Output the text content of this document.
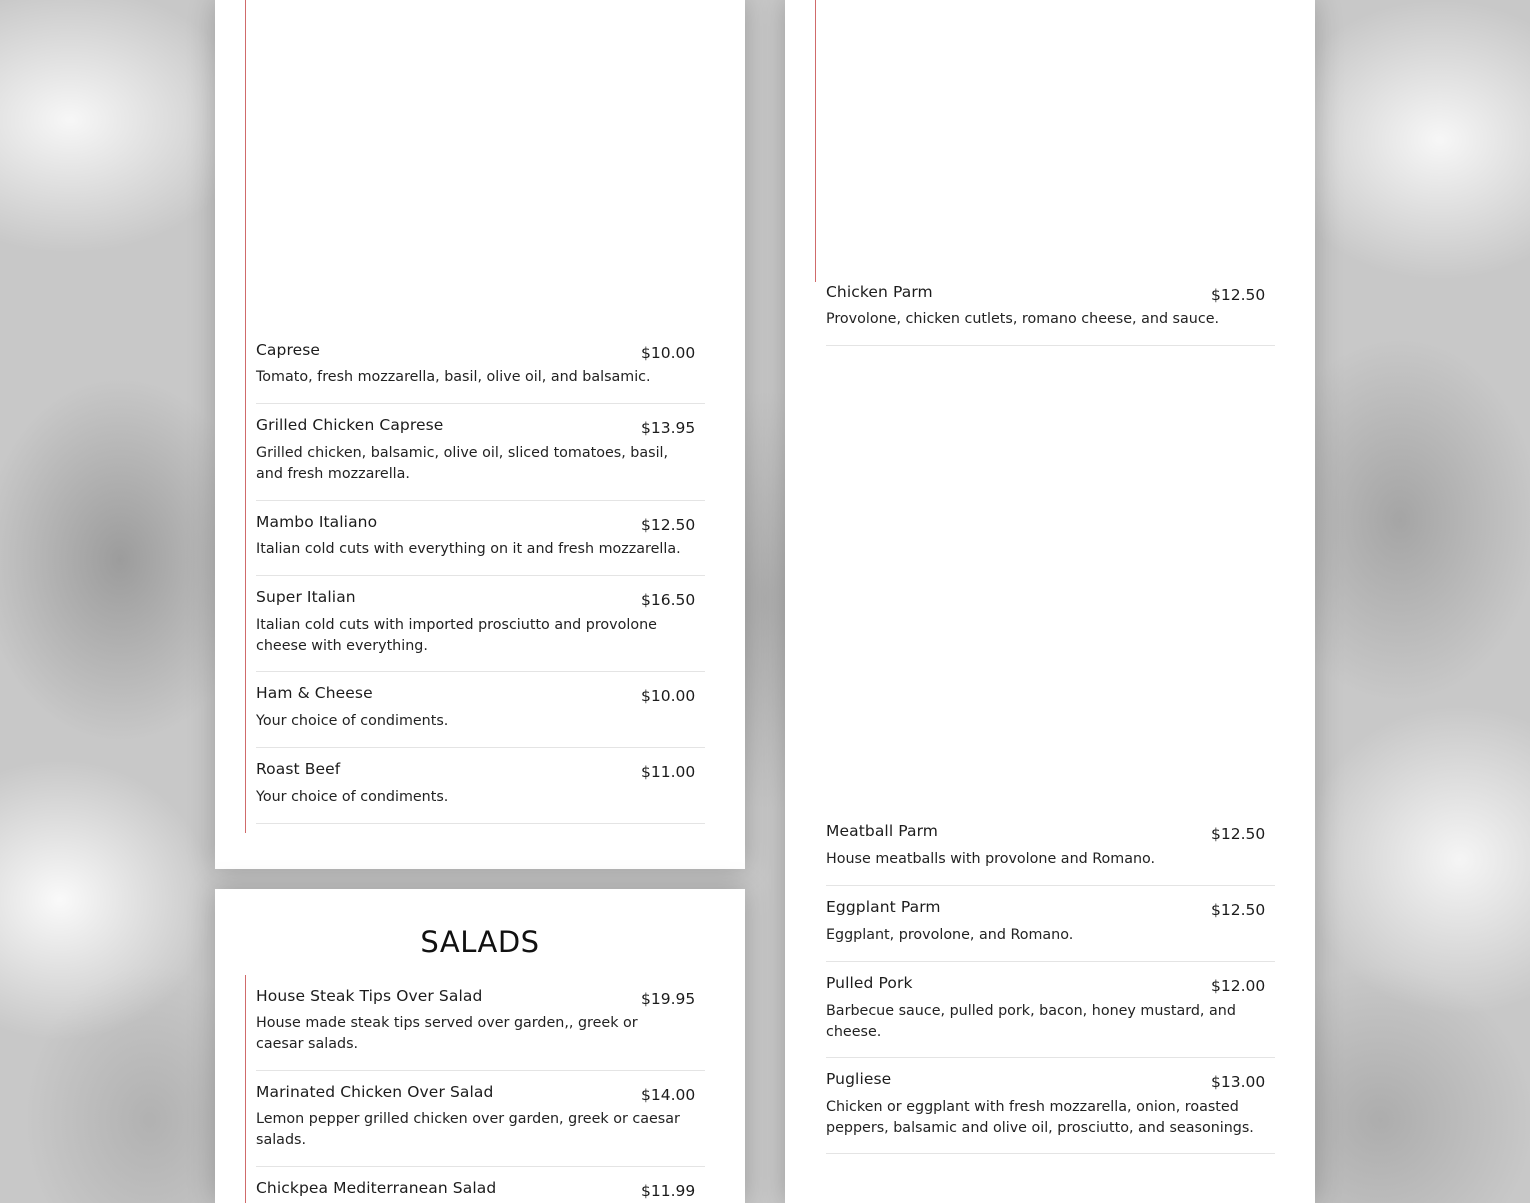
Caprese	$10.00
Tomato, fresh mozzarella, basil, olive oil, and balsamic.
Grilled Chicken Caprese	$13.95
Grilled chicken, balsamic, olive oil, sliced tomatoes, basil, and fresh mozzarella.
Mambo Italiano	$12.50
Italian cold cuts with everything on it and fresh mozzarella.
Super Italian	$16.50
Italian cold cuts with imported prosciutto and provolone cheese with everything.
Ham & Cheese	$10.00
Your choice of condiments.
Roast Beef	$11.00
Your choice of condiments.
SALADS
House Steak Tips Over Salad	$19.95
House made steak tips served over garden,, greek or caesar salads.
Marinated Chicken Over Salad	$14.00
Lemon pepper grilled chicken over garden, greek or caesar salads.
Chickpea Mediterranean Salad	$11.99
Chicken Parm	$12.50
Provolone, chicken cutlets, romano cheese, and sauce.
Meatball Parm	$12.50
House meatballs with provolone and Romano.
Eggplant Parm	$12.50
Eggplant, provolone, and Romano.
Pulled Pork	$12.00
Barbecue sauce, pulled pork, bacon, honey mustard, and cheese.
Pugliese	$13.00
Chicken or eggplant with fresh mozzarella, onion, roasted peppers, balsamic and olive oil, prosciutto, and seasonings.
